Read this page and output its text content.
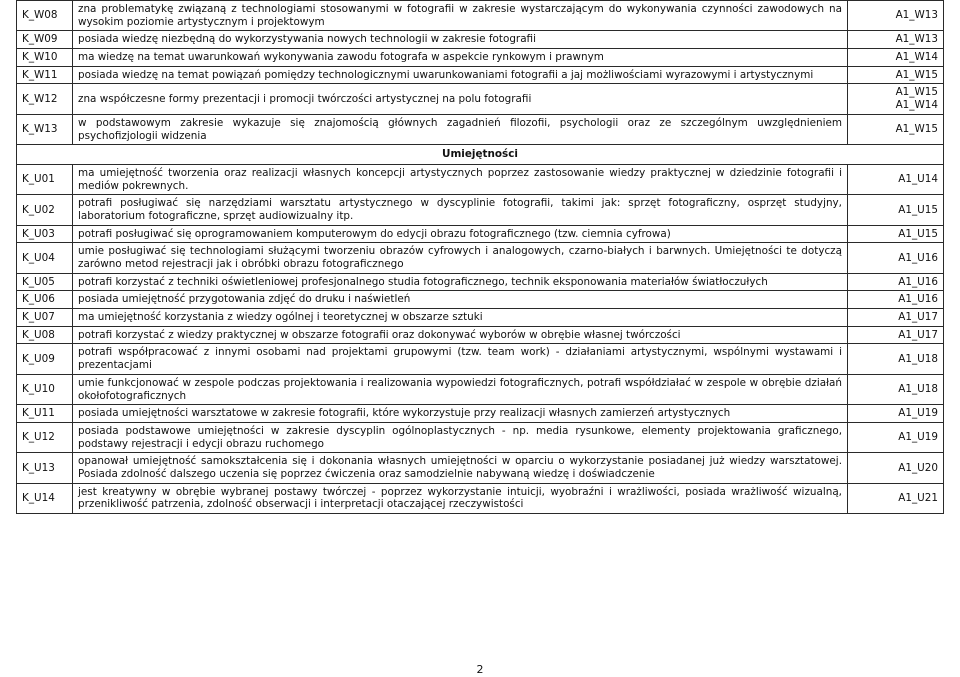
K_W08	zna problematykę związaną z technologiami stosowanymi w fotografii w zakresie wystarczającym do wykonywania czynności zawodowych na wysokim poziomie artystycznym i projektowym	A1_W13

K_W09	posiada wiedzę niezbędną do wykorzystywania nowych technologii w zakresie fotografii	A1_W13

K_W10	ma wiedzę na temat uwarunkowań wykonywania zawodu fotografa w aspekcie rynkowym i prawnym	A1_W14

K_W11	posiada wiedzę na temat powiązań pomiędzy technologicznymi uwarunkowaniami fotografii a jaj możliwościami wyrazowymi i artystycznymi	A1_W15

K_W12	zna współczesne formy prezentacji i promocji twórczości artystycznej na polu fotografii	A1_W15
A1_W14

K_W13	w podstawowym zakresie wykazuje się znajomością głównych zagadnień filozofii, psychologii oraz ze szczególnym uwzględnieniem psychofizjologii widzenia	A1_W15

Umiejętności		
K_U01	ma umiejętność tworzenia oraz realizacji własnych koncepcji artystycznych poprzez zastosowanie wiedzy praktycznej w dziedzinie fotografii i mediów pokrewnych.	A1_U14

K_U02	potrafi posługiwać się narzędziami warsztatu artystycznego w dyscyplinie fotografii, takimi jak: sprzęt fotograficzny, osprzęt studyjny, laboratorium fotograficzne, sprzęt audiowizualny itp.	A1_U15

K_U03	potrafi posługiwać się oprogramowaniem komputerowym do edycji obrazu fotograficznego (tzw. ciemnia cyfrowa)	A1_U15

K_U04	umie posługiwać się technologiami służącymi tworzeniu obrazów cyfrowych i analogowych, czarno-białych i barwnych. Umiejętności te dotyczą zarówno metod rejestracji jak i obróbki obrazu fotograficznego	A1_U16

K_U05	potrafi korzystać z techniki oświetleniowej profesjonalnego studia fotograficznego, technik eksponowania materiałów światłoczułych	A1_U16

K_U06	posiada umiejętność przygotowania zdjęć do druku i naświetleń	A1_U16

K_U07	ma umiejętność korzystania z wiedzy ogólnej i teoretycznej w obszarze sztuki	A1_U17

K_U08	potrafi korzystać z wiedzy praktycznej w obszarze fotografii oraz dokonywać wyborów w obrębie własnej twórczości	A1_U17

K_U09	potrafi współpracować z innymi osobami nad projektami grupowymi (tzw. team work) - działaniami artystycznymi, wspólnymi wystawami i prezentacjami	A1_U18

K_U10	umie funkcjonować w zespole podczas projektowania i realizowania wypowiedzi fotograficznych, potrafi współdziałać w zespole w obrębie działań okołofotograficznych	A1_U18

K_U11	posiada umiejętności warsztatowe w zakresie fotografii, które wykorzystuje przy realizacji własnych zamierzeń artystycznych	A1_U19

K_U12	posiada podstawowe umiejętności w zakresie dyscyplin ogólnoplastycznych - np. media rysunkowe, elementy projektowania graficznego, podstawy rejestracji i edycji obrazu ruchomego	A1_U19

K_U13	opanował umiejętność samokształcenia się i dokonania własnych umiejętności w oparciu o wykorzystanie posiadanej już wiedzy warsztatowej. Posiada zdolność dalszego uczenia się poprzez ćwiczenia oraz samodzielnie nabywaną wiedzę i doświadczenie	A1_U20

K_U14	jest kreatywny w obrębie wybranej postawy twórczej - poprzez wykorzystanie intuicji, wyobraźni i wrażliwości, posiada wrażliwość wizualną, przenikliwość patrzenia, zdolność obserwacji i interpretacji otaczającej rzeczywistości	A1_U21
2
